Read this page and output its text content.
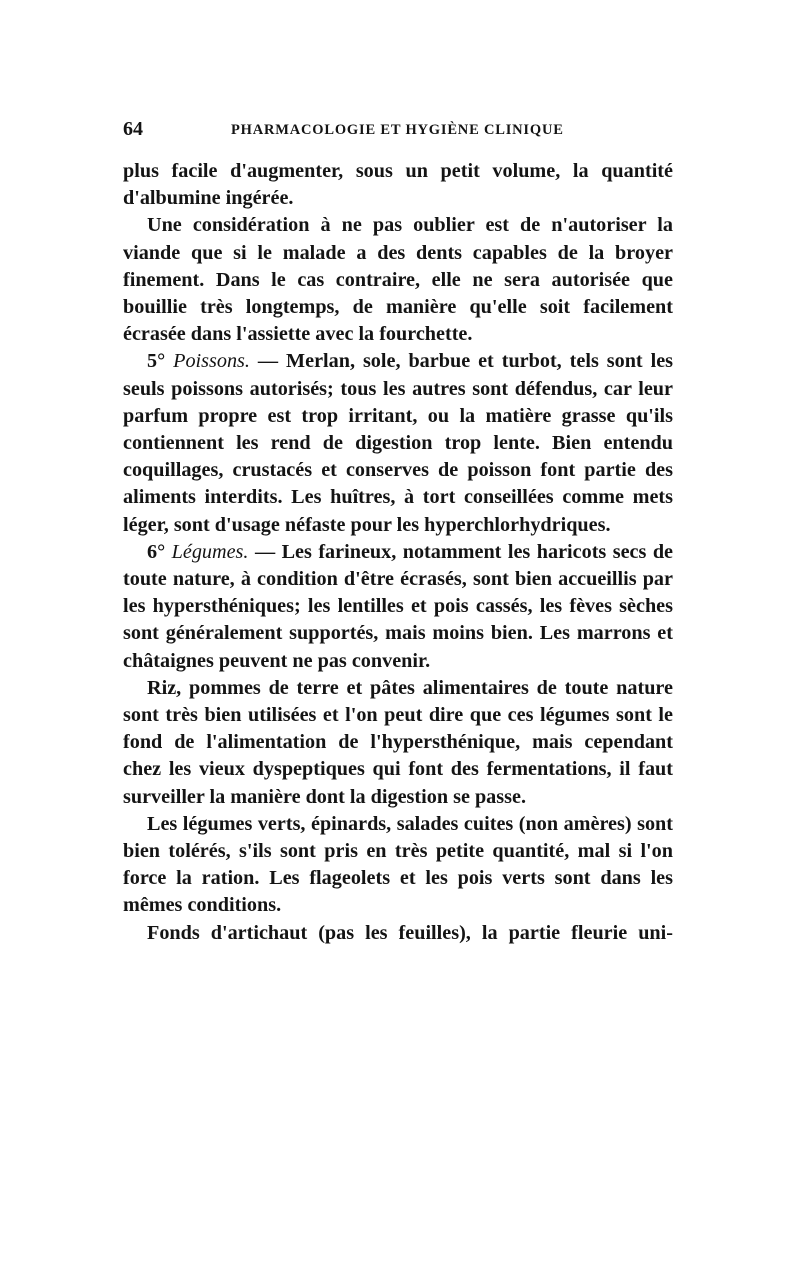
64	PHARMACOLOGIE ET HYGIÈNE CLINIQUE

plus facile d'augmenter, sous un petit volume, la quantité d'albumine ingérée.

Une considération à ne pas oublier est de n'autoriser la viande que si le malade a des dents capables de la broyer finement. Dans le cas contraire, elle ne sera autorisée que bouillie très longtemps, de manière qu'elle soit facilement écrasée dans l'assiette avec la fourchette.

5° Poissons. — Merlan, sole, barbue et turbot, tels sont les seuls poissons autorisés; tous les autres sont défendus, car leur parfum propre est trop irritant, ou la matière grasse qu'ils contiennent les rend de digestion trop lente. Bien entendu coquillages, crustacés et conserves de poisson font partie des aliments interdits. Les huîtres, à tort conseillées comme mets léger, sont d'usage néfaste pour les hyperchlorhydriques.

6° Légumes. — Les farineux, notamment les haricots secs de toute nature, à condition d'être écrasés, sont bien accueillis par les hypersthéniques; les lentilles et pois cassés, les fèves sèches sont généralement supportés, mais moins bien. Les marrons et châtaignes peuvent ne pas convenir.

Riz, pommes de terre et pâtes alimentaires de toute nature sont très bien utilisées et l'on peut dire que ces légumes sont le fond de l'alimentation de l'hypersthénique, mais cependant chez les vieux dyspeptiques qui font des fermentations, il faut surveiller la manière dont la digestion se passe.

Les légumes verts, épinards, salades cuites (non amères) sont bien tolérés, s'ils sont pris en très petite quantité, mal si l'on force la ration. Les flageolets et les pois verts sont dans les mêmes conditions.

Fonds d'artichaut (pas les feuilles), la partie fleurie uni-
